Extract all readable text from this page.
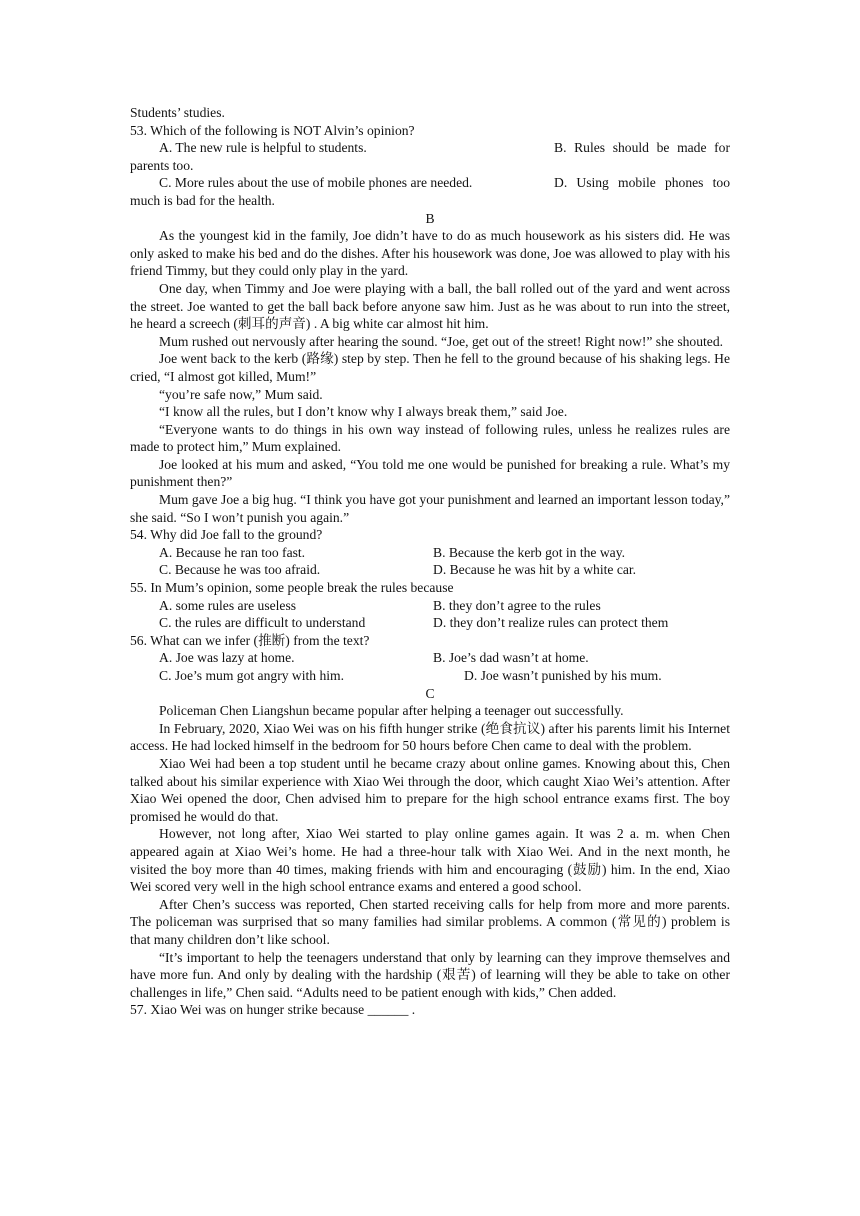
Students’ studies.

53. Which of the following is NOT Alvin’s opinion?

A. The new rule is helpful to students.	B. Rules should be made for parents too.

C. More rules about the use of mobile phones are needed.	D. Using mobile phones too much is bad for the health.

B

As the youngest kid in the family, Joe didn’t have to do as much housework as his sisters did. He was only asked to make his bed and do the dishes. After his housework was done, Joe was allowed to play with his friend Timmy, but they could only play in the yard.

One day, when Timmy and Joe were playing with a ball, the ball rolled out of the yard and went across the street. Joe wanted to get the ball back before anyone saw him. Just as he was about to run into the street, he heard a screech (刺耳的声音) . A big white car almost hit him.

Mum rushed out nervously after hearing the sound. “Joe, get out of the street! Right now!” she shouted.

Joe went back to the kerb (路缘) step by step. Then he fell to the ground because of his shaking legs. He cried, “I almost got killed, Mum!”

“you’re safe now,” Mum said.

“I know all the rules, but I don’t know why I always break them,” said Joe.

“Everyone wants to do things in his own way instead of following rules, unless he realizes rules are made to protect him,” Mum explained.

Joe looked at his mum and asked, “You told me one would be punished for breaking a rule. What’s my punishment then?”

Mum gave Joe a big hug. “I think you have got your punishment and learned an important lesson today,” she said. “So I won’t punish you again.”

54. Why did Joe fall to the ground?

A. Because he ran too fast.	B. Because the kerb got in the way.
C. Because he was too afraid.	D. Because he was hit by a white car.

55. In Mum’s opinion, some people break the rules because

A. some rules are useless	B. they don’t agree to the rules
C. the rules are difficult to understand	D. they don’t realize rules can protect them

56. What can we infer (推断) from the text?

A. Joe was lazy at home.	B. Joe’s dad wasn’t at home.
C. Joe’s mum got angry with him.	D. Joe wasn’t punished by his mum.

C

Policeman Chen Liangshun became popular after helping a teenager out successfully.

In February, 2020, Xiao Wei was on his fifth hunger strike (绝食抗议) after his parents limit his Internet access. He had locked himself in the bedroom for 50 hours before Chen came to deal with the problem.

Xiao Wei had been a top student until he became crazy about online games. Knowing about this, Chen talked about his similar experience with Xiao Wei through the door, which caught Xiao Wei’s attention. After Xiao Wei opened the door, Chen advised him to prepare for the high school entrance exams first. The boy promised he would do that.

However, not long after, Xiao Wei started to play online games again. It was 2 a. m. when Chen appeared again at Xiao Wei’s home. He had a three-hour talk with Xiao Wei. And in the next month, he visited the boy more than 40 times, making friends with him and encouraging (鼓励) him. In the end, Xiao Wei scored very well in the high school entrance exams and entered a good school.

After Chen’s success was reported, Chen started receiving calls for help from more and more parents. The policeman was surprised that so many families had similar problems. A common (常见的) problem is that many children don’t like school.

“It’s important to help the teenagers understand that only by learning can they improve themselves and have more fun. And only by dealing with the hardship (艰苦) of learning will they be able to take on other challenges in life,” Chen said. “Adults need to be patient enough with kids,” Chen added.

57. Xiao Wei was on hunger strike because ______ .
